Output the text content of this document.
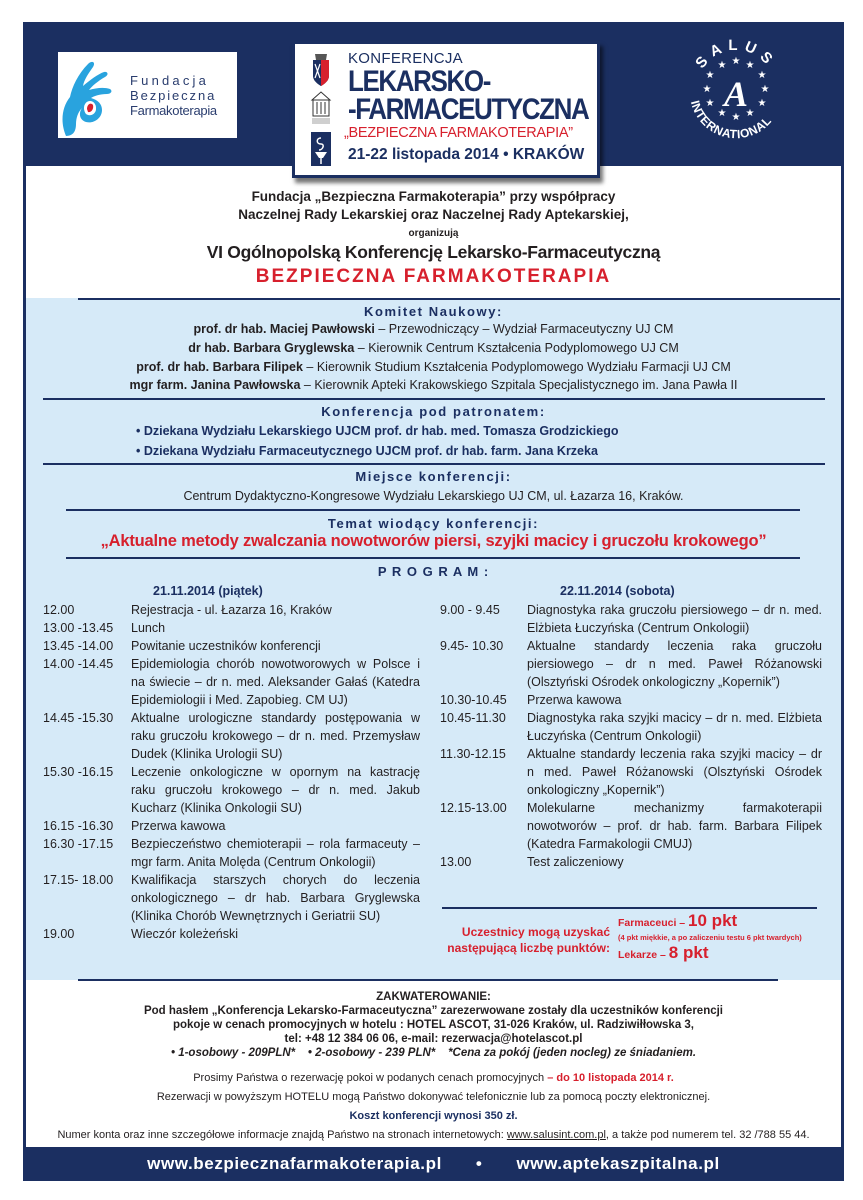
Fundacja
Bezpieczna
Farmakoterapia
KONFERENCJA
LEKARSKO-
-FARMACEUTYCZNA
„BEZPIECZNA FARMAKOTERAPIA”
21-22 listopada 2014 • KRAKÓW
SALUS
INTERNATIONAL
★ ★ ★
★	★
★	★
★	★
★ ★ ★
A
Fundacja „Bezpieczna Farmakoterapia” przy współpracy
Naczelnej Rady Lekarskiej oraz Naczelnej Rady Aptekarskiej,
organizują
VI Ogólnopolską Konferencję Lekarsko-Farmaceutyczną
BEZPIECZNA FARMAKOTERAPIA
Komitet Naukowy:
prof. dr hab. Maciej Pawłowski – Przewodniczący – Wydział Farmaceutyczny UJ CM
dr hab. Barbara Gryglewska – Kierownik Centrum Kształcenia Podyplomowego UJ CM
prof. dr hab. Barbara Filipek – Kierownik Studium Kształcenia Podyplomowego Wydziału Farmacji UJ CM
mgr farm. Janina Pawłowska – Kierownik Apteki Krakowskiego Szpitala Specjalistycznego im. Jana Pawła II
Konferencja pod patronatem:
• Dziekana Wydziału Lekarskiego UJCM prof. dr hab. med. Tomasza Grodzickiego
• Dziekana Wydziału Farmaceutycznego UJCM prof. dr hab. farm. Jana Krzeka
Miejsce konferencji:
Centrum Dydaktyczno-Kongresowe Wydziału Lekarskiego UJ CM, ul. Łazarza 16, Kraków.
Temat wiodący konferencji:
„Aktualne metody zwalczania nowotworów piersi, szyjki macicy i gruczołu krokowego”
P R O G R A M :
21.11.2014 (piątek)	22.11.2014 (sobota)
12.00	Rejestracja - ul. Łazarza 16, Kraków
13.00 -13.45	Lunch
13.45 -14.00	Powitanie uczestników konferencji
14.00 -14.45	Epidemiologia chorób nowotworowych w Polsce i na świecie – dr n. med. Aleksander Gałaś (Katedra Epidemiologii i Med. Zapobieg. CM UJ)
14.45 -15.30	Aktualne urologiczne standardy postępowania w raku gruczołu krokowego – dr n. med. Przemysław Dudek (Klinika Urologii SU)
15.30 -16.15	Leczenie onkologiczne w opornym na kastrację raku gruczołu krokowego – dr n. med. Jakub Kucharz (Klinika Onkologii SU)
16.15 -16.30	Przerwa kawowa
16.30 -17.15	Bezpieczeństwo chemioterapii – rola farmaceuty – mgr farm. Anita Molęda (Centrum Onkologii)
17.15- 18.00	Kwalifikacja starszych chorych do leczenia onkologicznego – dr hab. Barbara Gryglewska (Klinika Chorób Wewnętrznych i Geriatrii SU)
19.00	Wieczór koleżeński
9.00 - 9.45	Diagnostyka raka gruczołu piersiowego – dr n. med. Elżbieta Łuczyńska (Centrum Onkologii)
9.45- 10.30	Aktualne standardy leczenia raka gruczołu piersiowego – dr n med. Paweł Różanowski (Olsztyński Ośrodek onkologiczny „Kopernik”)
10.30-10.45	Przerwa kawowa
10.45-11.30	Diagnostyka raka szyjki macicy – dr n. med. Elżbieta Łuczyńska (Centrum Onkologii)
11.30-12.15	Aktualne standardy leczenia raka szyjki macicy – dr n med. Paweł Różanowski (Olsztyński Ośrodek onkologiczny „Kopernik”)
12.15-13.00	Molekularne mechanizmy farmakoterapii nowotworów – prof. dr hab. farm. Barbara Filipek (Katedra Farmakologii CMUJ)
13.00	Test zaliczeniowy
Uczestnicy mogą uzyskać
następującą liczbę punktów:
Farmaceuci – 10 pkt
(4 pkt miękkie, a po zaliczeniu testu 6 pkt twardych)
Lekarze – 8 pkt
ZAKWATEROWANIE:
Pod hasłem „Konferencja Lekarsko-Farmaceutyczna” zarezerwowane zostały dla uczestników konferencji
pokoje w cenach promocyjnych w hotelu : HOTEL ASCOT, 31-026 Kraków, ul. Radziwiłłowska 3,
tel: +48 12 384 06 06, e-mail: rezerwacja@hotelascot.pl
• 1-osobowy - 209PLN* • 2-osobowy - 239 PLN* *Cena za pokój (jeden nocleg) ze śniadaniem.
Prosimy Państwa o rezerwację pokoi w podanych cenach promocyjnych – do 10 listopada 2014 r.
Rezerwacji w powyższym HOTELU mogą Państwo dokonywać telefonicznie lub za pomocą poczty elektronicznej.
Koszt konferencji wynosi 350 zł.
Numer konta oraz inne szczegółowe informacje znajdą Państwo na stronach internetowych: www.salusint.com.pl, a także pod numerem tel. 32 /788 55 44.
www.bezpiecznafarmakoterapia.pl • www.aptekaszpitalna.pl
